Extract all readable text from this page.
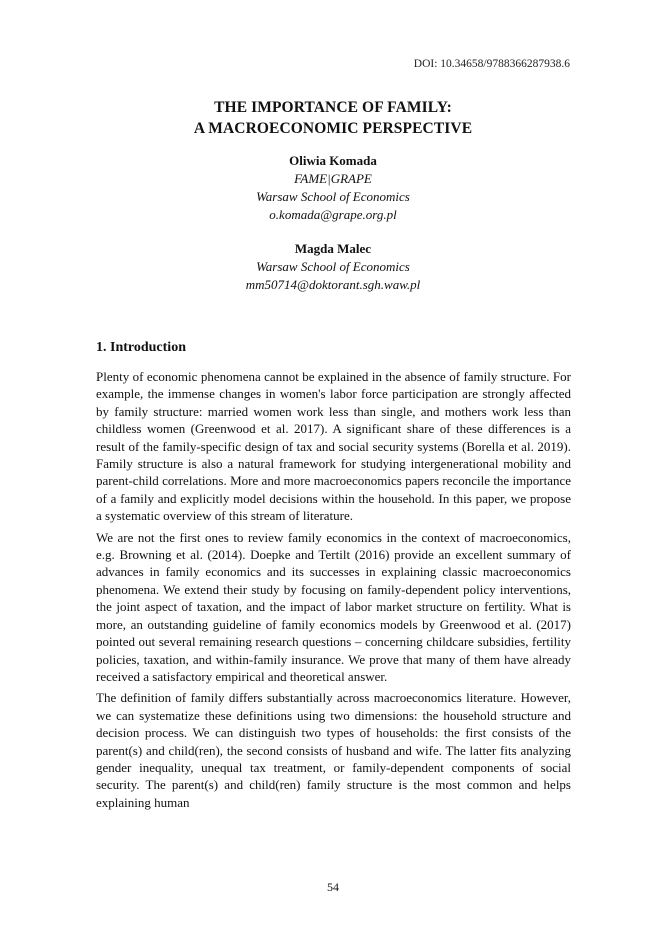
DOI: 10.34658/9788366287938.6
THE IMPORTANCE OF FAMILY:
A MACROECONOMIC PERSPECTIVE
Oliwia Komada
FAME|GRAPE
Warsaw School of Economics
o.komada@grape.org.pl
Magda Malec
Warsaw School of Economics
mm50714@doktorant.sgh.waw.pl
1. Introduction

Plenty of economic phenomena cannot be explained in the absence of family structure. For example, the immense changes in women's labor force participation are strongly affected by family structure: married women work less than single, and mothers work less than childless women (Greenwood et al. 2017). A significant share of these differences is a result of the family-specific design of tax and social security systems (Borella et al. 2019). Family structure is also a natural framework for studying intergenerational mobility and parent-child correlations. More and more macroeconomics papers reconcile the importance of a family and explicitly model decisions within the household. In this paper, we propose a systematic overview of this stream of literature.

We are not the first ones to review family economics in the context of macroeconomics, e.g. Browning et al. (2014). Doepke and Tertilt (2016) provide an excellent summary of advances in family economics and its successes in explaining classic macroeconomics phenomena. We extend their study by focusing on family-dependent policy interventions, the joint aspect of taxation, and the impact of labor market structure on fertility. What is more, an outstanding guideline of family economics models by Greenwood et al. (2017) pointed out several remaining research questions – concerning childcare subsidies, fertility policies, taxation, and within-family insurance. We prove that many of them have already received a satisfactory empirical and theoretical answer.

The definition of family differs substantially across macroeconomics literature. However, we can systematize these definitions using two dimensions: the household structure and decision process. We can distinguish two types of households: the first consists of the parent(s) and child(ren), the second consists of husband and wife. The latter fits analyzing gender inequality, unequal tax treatment, or family-dependent components of social security. The parent(s) and child(ren) family structure is the most common and helps explaining human

54
